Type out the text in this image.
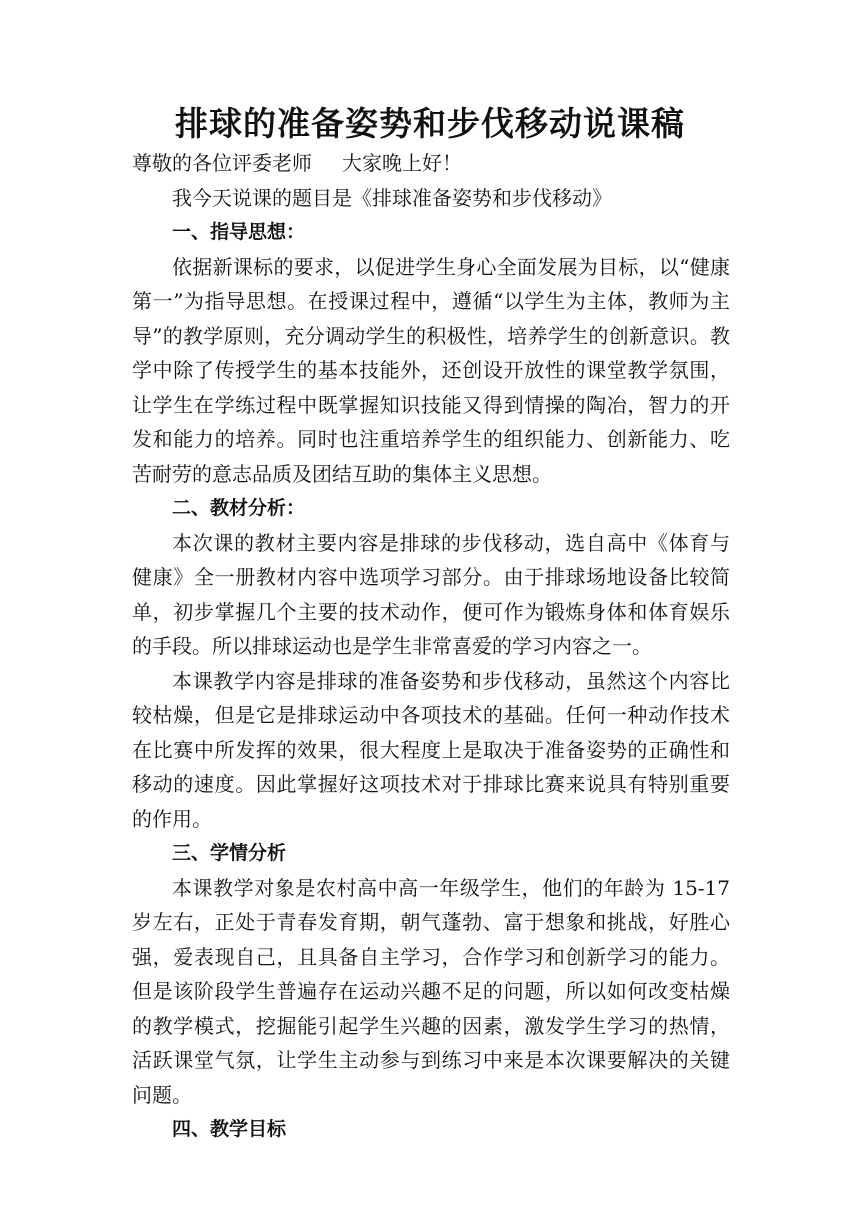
排球的准备姿势和步伐移动说课稿

尊敬的各位评委老师 大家晚上好！

我今天说课的题目是《排球准备姿势和步伐移动》

一、指导思想：

依据新课标的要求，以促进学生身心全面发展为目标，以“健康第一”为指导思想。在授课过程中，遵循“以学生为主体，教师为主导”的教学原则，充分调动学生的积极性，培养学生的创新意识。教学中除了传授学生的基本技能外，还创设开放性的课堂教学氛围，让学生在学练过程中既掌握知识技能又得到情操的陶冶，智力的开发和能力的培养。同时也注重培养学生的组织能力、创新能力、吃苦耐劳的意志品质及团结互助的集体主义思想。

二、教材分析：

本次课的教材主要内容是排球的步伐移动，选自高中《体育与健康》全一册教材内容中选项学习部分。由于排球场地设备比较简单，初步掌握几个主要的技术动作，便可作为锻炼身体和体育娱乐的手段。所以排球运动也是学生非常喜爱的学习内容之一。

本课教学内容是排球的准备姿势和步伐移动，虽然这个内容比较枯燥，但是它是排球运动中各项技术的基础。任何一种动作技术在比赛中所发挥的效果，很大程度上是取决于准备姿势的正确性和移动的速度。因此掌握好这项技术对于排球比赛来说具有特别重要的作用。

三、学情分析

本课教学对象是农村高中高一年级学生，他们的年龄为 15-17 岁左右，正处于青春发育期，朝气蓬勃、富于想象和挑战，好胜心强，爱表现自己，且具备自主学习，合作学习和创新学习的能力。但是该阶段学生普遍存在运动兴趣不足的问题，所以如何改变枯燥的教学模式，挖掘能引起学生兴趣的因素，激发学生学习的热情，活跃课堂气氛，让学生主动参与到练习中来是本次课要解决的关键问题。

四、教学目标
